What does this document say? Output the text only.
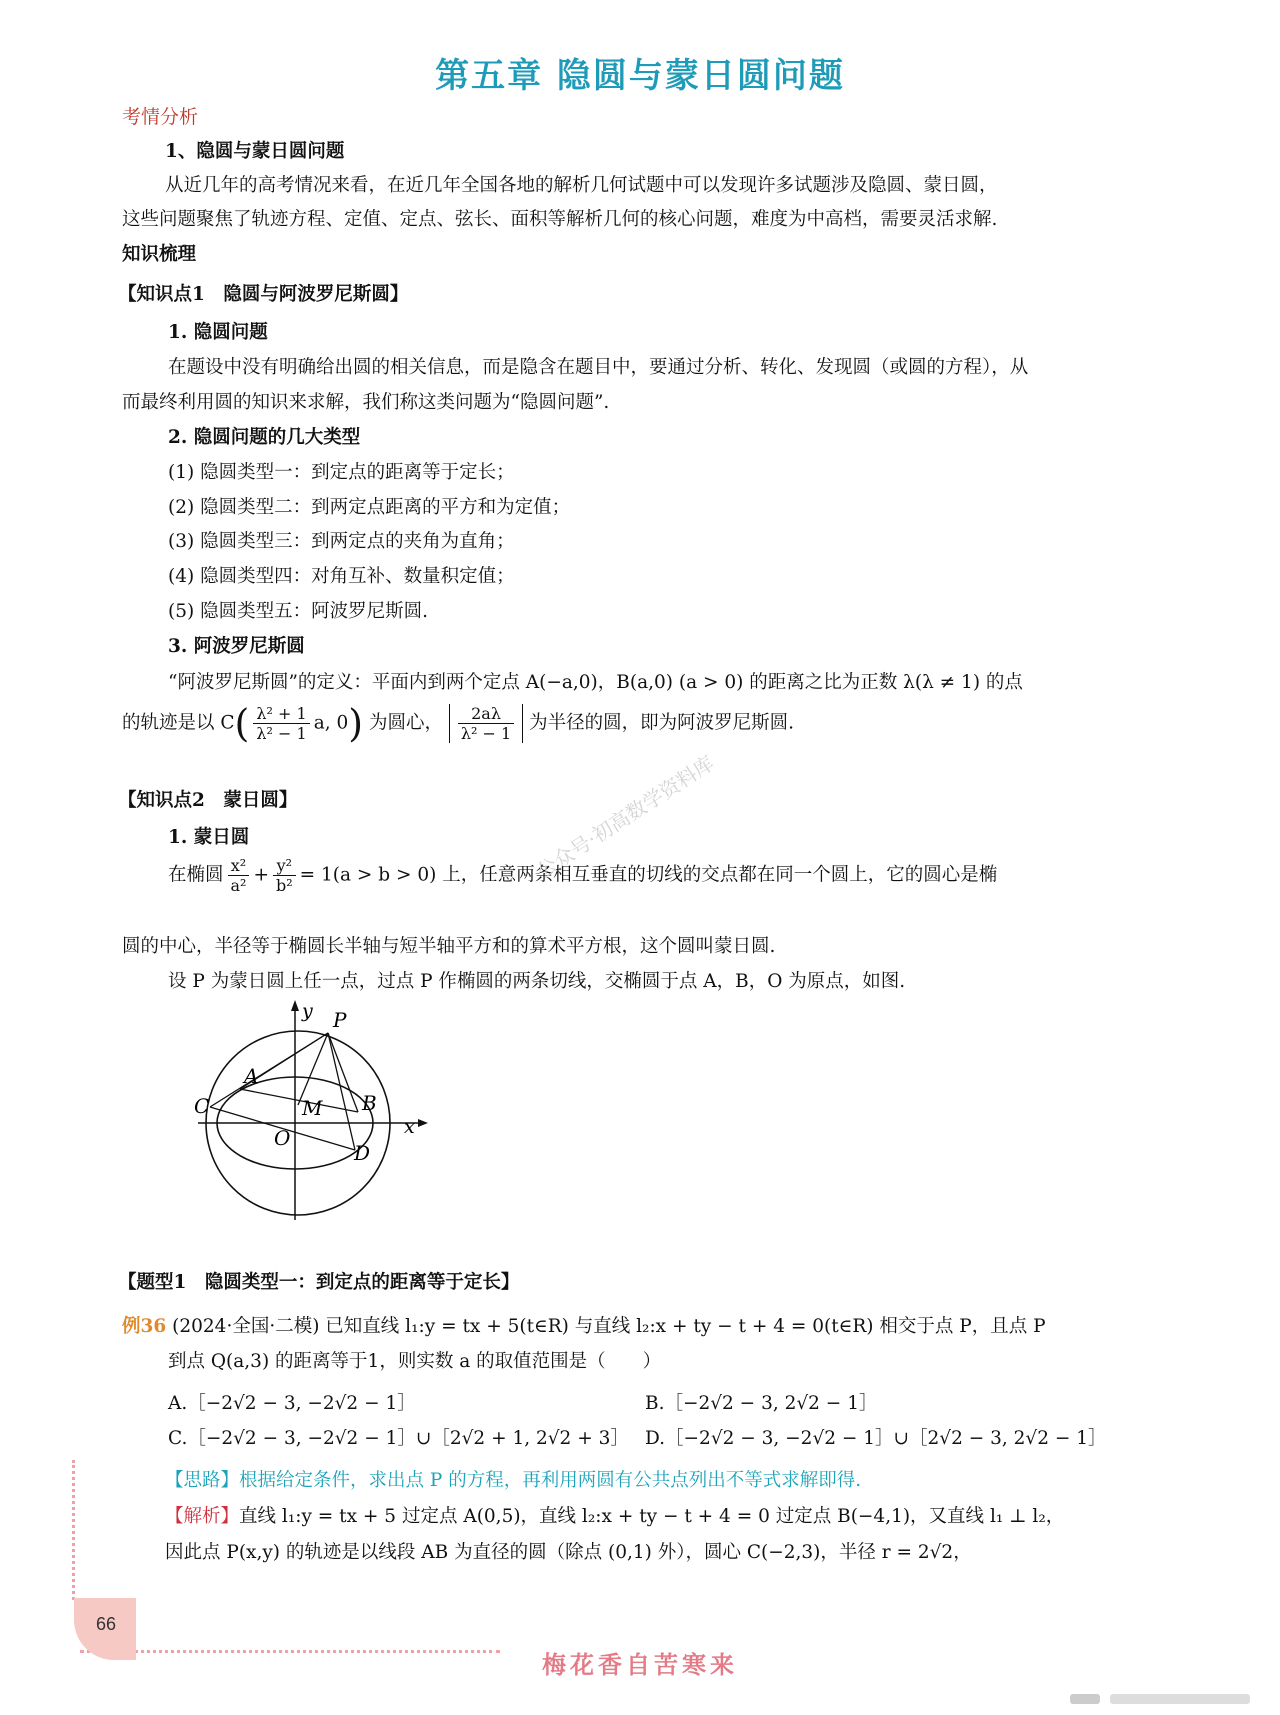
第五章 隐圆与蒙日圆问题
考情分析
1、隐圆与蒙日圆问题
从近几年的高考情况来看，在近几年全国各地的解析几何试题中可以发现许多试题涉及隐圆、蒙日圆，
这些问题聚焦了轨迹方程、定值、定点、弦长、面积等解析几何的核心问题，难度为中高档，需要灵活求解.
知识梳理
【知识点1　隐圆与阿波罗尼斯圆】
1. 隐圆问题
在题设中没有明确给出圆的相关信息，而是隐含在题目中，要通过分析、转化、发现圆（或圆的方程），从
而最终利用圆的知识来求解，我们称这类问题为“隐圆问题”.
2. 隐圆问题的几大类型
(1) 隐圆类型一：到定点的距离等于定长；
(2) 隐圆类型二：到两定点距离的平方和为定值；
(3) 隐圆类型三：到两定点的夹角为直角；
(4) 隐圆类型四：对角互补、数量积定值；
(5) 隐圆类型五：阿波罗尼斯圆.
3. 阿波罗尼斯圆
“阿波罗尼斯圆”的定义：平面内到两个定点 A(−a,0)，B(a,0) (a > 0) 的距离之比为正数 λ(λ ≠ 1) 的点
的轨迹是以 $C( \frac{\text{λ² + 1}}{\text{λ² − 1}} a$, 0) 为圆心， $\frac{2a\lambda}{\text{λ² − 1}}$ 为半径的圆，即为阿波罗尼斯圆.
【知识点2　蒙日圆】
1. 蒙日圆
在椭圆 $\frac{\text{x²}}{\text{a²}} + \frac{\text{y²}}{\text{b²}} = 1(a > b > 0)$ 上，任意两条相互垂直的切线的交点都在同一个圆上，它的圆心是椭
圆的中心，半径等于椭圆长半轴与短半轴平方和的算术平方根，这个圆叫蒙日圆.
设 P 为蒙日圆上任一点，过点 P 作椭圆的两条切线，交椭圆于点 A，B，O 为原点，如图.
y P
A
B
C
D
M
O	x
【题型1　隐圆类型一：到定点的距离等于定长】
例36 (2024·全国·二模) 已知直线 l₁:y = tx + 5(t∈R) 与直线 l₂:x + ty − t + 4 = 0(t∈R) 相交于点 P，且点 P
到点 Q(a,3) 的距离等于1，则实数 a 的取值范围是（　　）
A.［−2√2 − 3, −2√2 − 1］	B.［−2√2 − 3, 2√2 − 1］
C.［−2√2 − 3, −2√2 − 1］∪［2√2 + 1, 2√2 + 3］ D.［−2√2 − 3, −2√2 − 1］∪［2√2 − 3, 2√2 − 1］
【思路】根据给定条件，求出点 P 的方程，再利用两圆有公共点列出不等式求解即得.
【解析】直线 l₁:y = tx + 5 过定点 A(0,5)，直线 l₂:x + ty − t + 4 = 0 过定点 B(−4,1)，又直线 l₁ ⊥ l₂，
因此点 P(x,y) 的轨迹是以线段 AB 为直径的圆（除点 (0,1) 外），圆心 C(−2,3)，半径 r = 2√2，
66
梅花香自苦寒来
公众号·初高数学资料库
